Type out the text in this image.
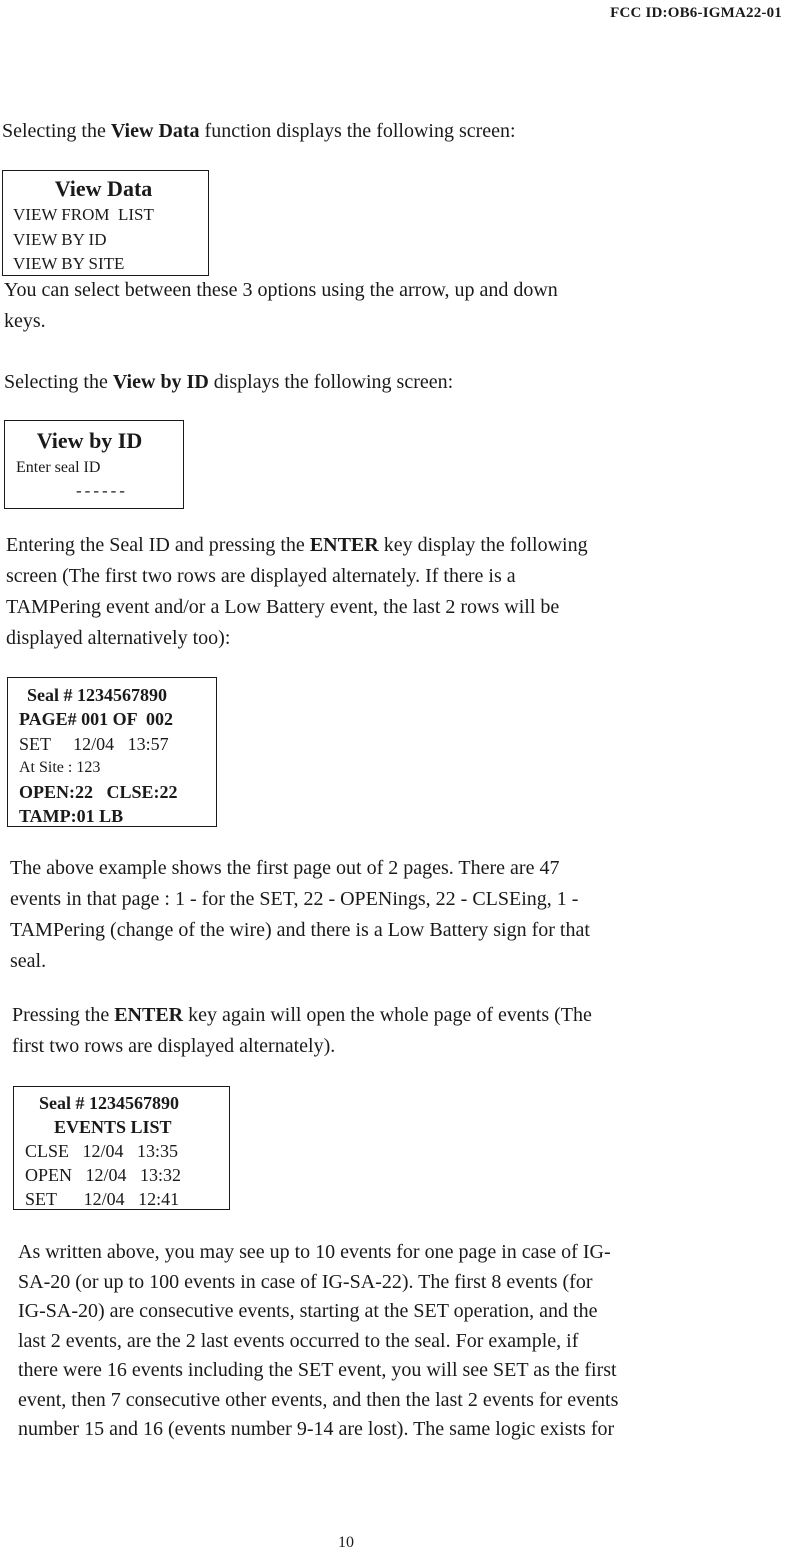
FCC ID:OB6-IGMA22-01

Selecting the View Data function displays the following screen:

View Data
VIEW FROM  LIST
VIEW BY ID
VIEW BY SITE

You can select between these 3 options using the arrow, up and down
keys.

Selecting the View by ID displays the following screen:

View by ID
Enter seal ID
------

Entering the Seal ID and pressing the ENTER key display the following
screen (The first two rows are displayed alternately. If there is a
TAMPering event and/or a Low Battery event, the last 2 rows will be
displayed alternatively too):

Seal # 1234567890
PAGE# 001 OF  002
SET     12/04   13:57
At Site : 123
OPEN:22   CLSE:22
TAMP:01 LB

The above example shows the first page out of 2 pages. There are 47
events in that page : 1 - for the SET, 22 - OPENings, 22 - CLSEing, 1 -
TAMPering (change of the wire) and there is a Low Battery sign for that
seal.

Pressing the ENTER key again will open the whole page of events (The
first two rows are displayed alternately).

Seal # 1234567890
EVENTS LIST
CLSE   12/04   13:35
OPEN   12/04   13:32
SET      12/04   12:41

As written above, you may see up to 10 events for one page in case of IG-
SA-20 (or up to 100 events in case of IG-SA-22). The first 8 events (for
IG-SA-20) are consecutive events, starting at the SET operation, and the
last 2 events, are the 2 last events occurred to the seal. For example, if
there were 16 events including the SET event, you will see SET as the first
event, then 7 consecutive other events, and then the last 2 events for events
number 15 and 16 (events number 9-14 are lost). The same logic exists for

10
